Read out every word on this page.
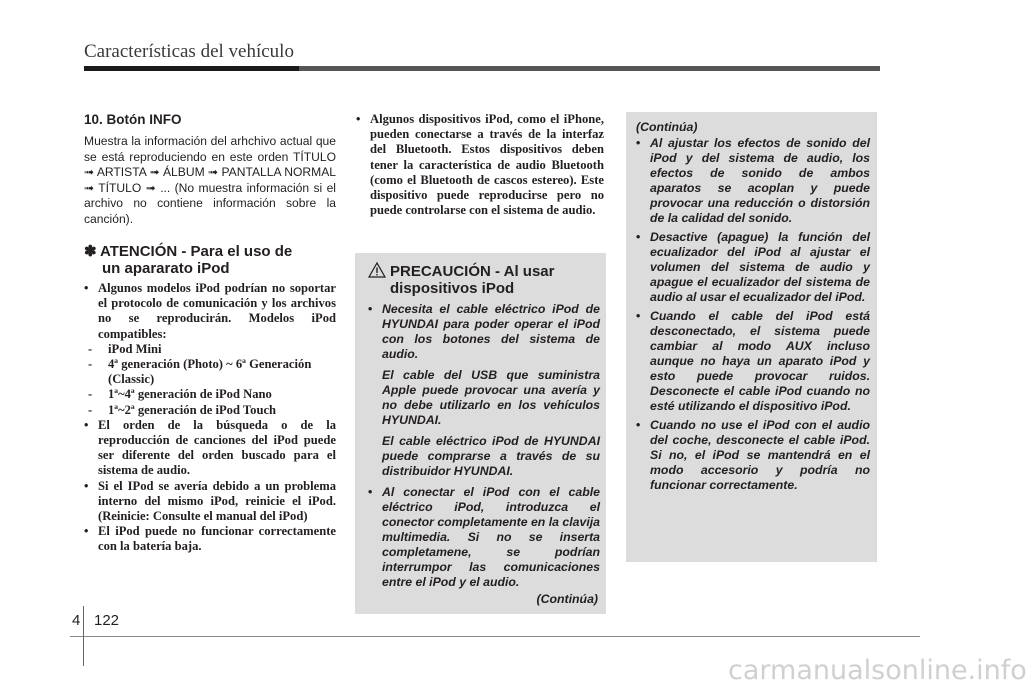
Características del vehículo
10. Botón INFO

Muestra la información del arhchivo actual que se está reproduciendo en este orden TÍTULO ➟ ARTISTA ➟ ÁLBUM ➟ PANTALLA NORMAL ➟ TÍTULO ➟ ... (No muestra información si el archivo no contiene información sobre la canción).

✽ ATENCIÓN - Para el uso de
un apararato iPod
• Algunos modelos iPod podrían no soportar el protocolo de comunicación y los archivos no se reproducirán. Modelos iPod compatibles:
- iPod Mini
- 4ª generación (Photo) ~ 6ª Generación (Classic)
- 1ª~4ª generación de iPod Nano
- 1ª~2ª generación de iPod Touch
• El orden de la búsqueda o de la reproducción de canciones del iPod puede ser diferente del orden buscado para el sistema de audio.
• Si el IPod se avería debido a un problema interno del mismo iPod, reinicie el iPod. (Reinicie: Consulte el manual del iPod)
• El iPod puede no funcionar correctamente con la batería baja.
• Algunos dispositivos iPod, como el iPhone, pueden conectarse a través de la interfaz del Bluetooth. Estos dispositivos deben tener la característica de audio Bluetooth (como el Bluetooth de cascos estereo). Este dispositivo puede reproducirse pero no puede controlarse con el sistema de audio.
(Continúa)
PRECAUCIÓN - Al usar
dispositivos iPod
• Necesita el cable eléctrico iPod de HYUNDAI para poder operar el iPod con los botones del sistema de audio.
El cable del USB que suministra Apple puede provocar una avería y no debe utilizarlo en los vehículos HYUNDAI.
El cable eléctrico iPod de HYUNDAI puede comprarse a través de su distribuidor HYUNDAI.
• Al conectar el iPod con el cable eléctrico iPod, introduzca el conector completamente en la clavija multimedia. Si no se inserta completamene, se podrían interrumpor las comunicaciones entre el iPod y el audio.
(Continúa)
• Al ajustar los efectos de sonido del iPod y del sistema de audio, los efectos de sonido de ambos aparatos se acoplan y puede provocar una reducción o distorsión de la calidad del sonido.
• Desactive (apague) la función del ecualizador del iPod al ajustar el volumen del sistema de audio y apague el ecualizador del sistema de audio al usar el ecualizador del iPod.
• Cuando el cable del iPod está desconectado, el sistema puede cambiar al modo AUX incluso aunque no haya un aparato iPod y esto puede provocar ruidos. Desconecte el cable iPod cuando no esté utilizando el dispositivo iPod.
• Cuando no use el iPod con el audio del coche, desconecte el cable iPod. Si no, el iPod se mantendrá en el modo accesorio y podría no funcionar correctamente.
4 122
carmanualsonline.info
